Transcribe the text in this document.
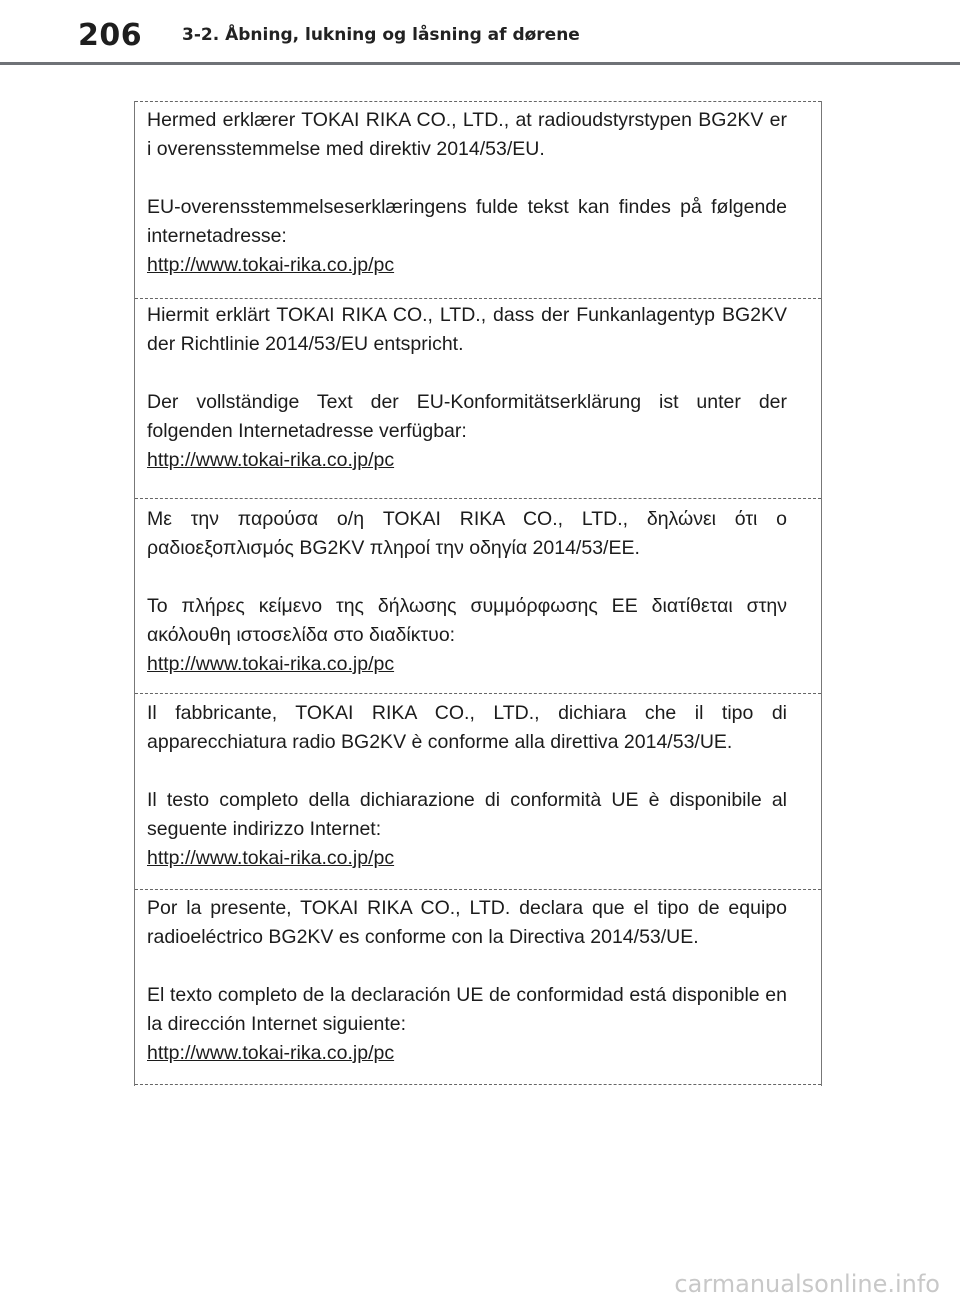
206 3-2. Åbning, lukning og låsning af dørene
Hermed erklærer TOKAI RIKA CO., LTD., at radioudstyrstypen BG2KV er i overensstemmelse med direktiv 2014/53/EU.
EU-overensstemmelseserklæringens fulde tekst kan findes på følgende internetadresse:
http://www.tokai-rika.co.jp/pc
Hiermit erklärt TOKAI RIKA CO., LTD., dass der Funkanlagentyp BG2KV der Richtlinie 2014/53/EU entspricht.
Der vollständige Text der EU-Konformitätserklärung ist unter der folgenden Internetadresse verfügbar:
http://www.tokai-rika.co.jp/pc
Με την παρούσα ο/η TOKAI RIKA CO., LTD., δηλώνει ότι ο ραδιοεξοπλισμός BG2KV πληροί την οδηγία 2014/53/ΕΕ.
Το πλήρες κείμενο της δήλωσης συμμόρφωσης ΕΕ διατίθεται στην ακόλουθη ιστοσελίδα στο διαδίκτυο:
http://www.tokai-rika.co.jp/pc
Il fabbricante, TOKAI RIKA CO., LTD., dichiara che il tipo di apparecchiatura radio BG2KV è conforme alla direttiva 2014/53/UE.
Il testo completo della dichiarazione di conformità UE è disponibile al seguente indirizzo Internet:
http://www.tokai-rika.co.jp/pc
Por la presente, TOKAI RIKA CO., LTD. declara que el tipo de equipo radioeléctrico BG2KV es conforme con la Directiva 2014/53/UE.
El texto completo de la declaración UE de conformidad está disponible en la dirección Internet siguiente:
http://www.tokai-rika.co.jp/pc
carmanualsonline.info
